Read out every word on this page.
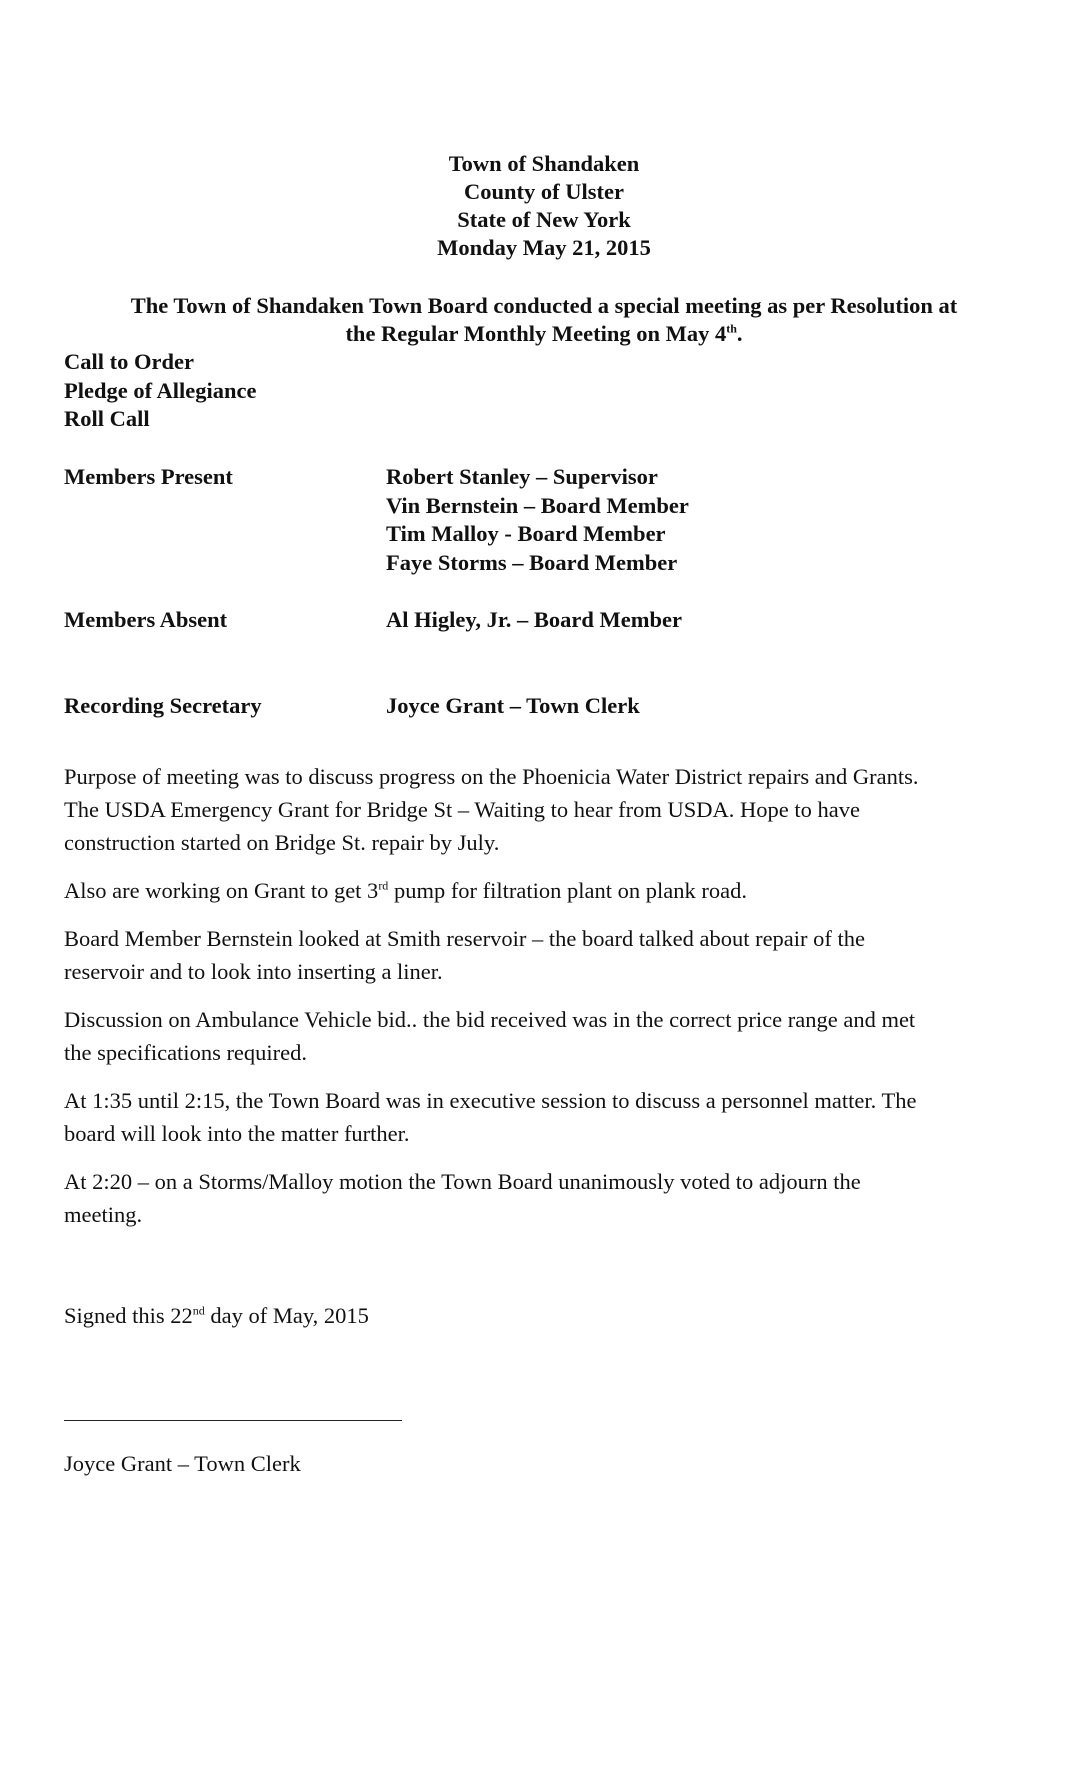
Town of Shandaken
County of Ulster
State of New York
Monday May 21, 2015
The Town of Shandaken Town Board conducted a special meeting as per Resolution at
the Regular Monthly Meeting on May 4th.
Call to Order
Pledge of Allegiance
Roll Call
Members Present	Robert Stanley – Supervisor
Vin Bernstein – Board Member
Tim Malloy - Board Member
Faye Storms – Board Member
Members Absent	Al Higley, Jr. – Board Member
Recording Secretary	Joyce Grant – Town Clerk

Purpose of meeting was to discuss progress on the Phoenicia Water District repairs and Grants.
The USDA Emergency Grant for Bridge St – Waiting to hear from USDA. Hope to have
construction started on Bridge St. repair by July.

Also are working on Grant to get 3rd pump for filtration plant on plank road.

Board Member Bernstein looked at Smith reservoir – the board talked about repair of the
reservoir and to look into inserting a liner.

Discussion on Ambulance Vehicle bid.. the bid received was in the correct price range and met
the specifications required.

At 1:35 until 2:15, the Town Board was in executive session to discuss a personnel matter. The
board will look into the matter further.

At 2:20 – on a Storms/Malloy motion the Town Board unanimously voted to adjourn the
meeting.

Signed this 22nd day of May, 2015
Joyce Grant – Town Clerk
